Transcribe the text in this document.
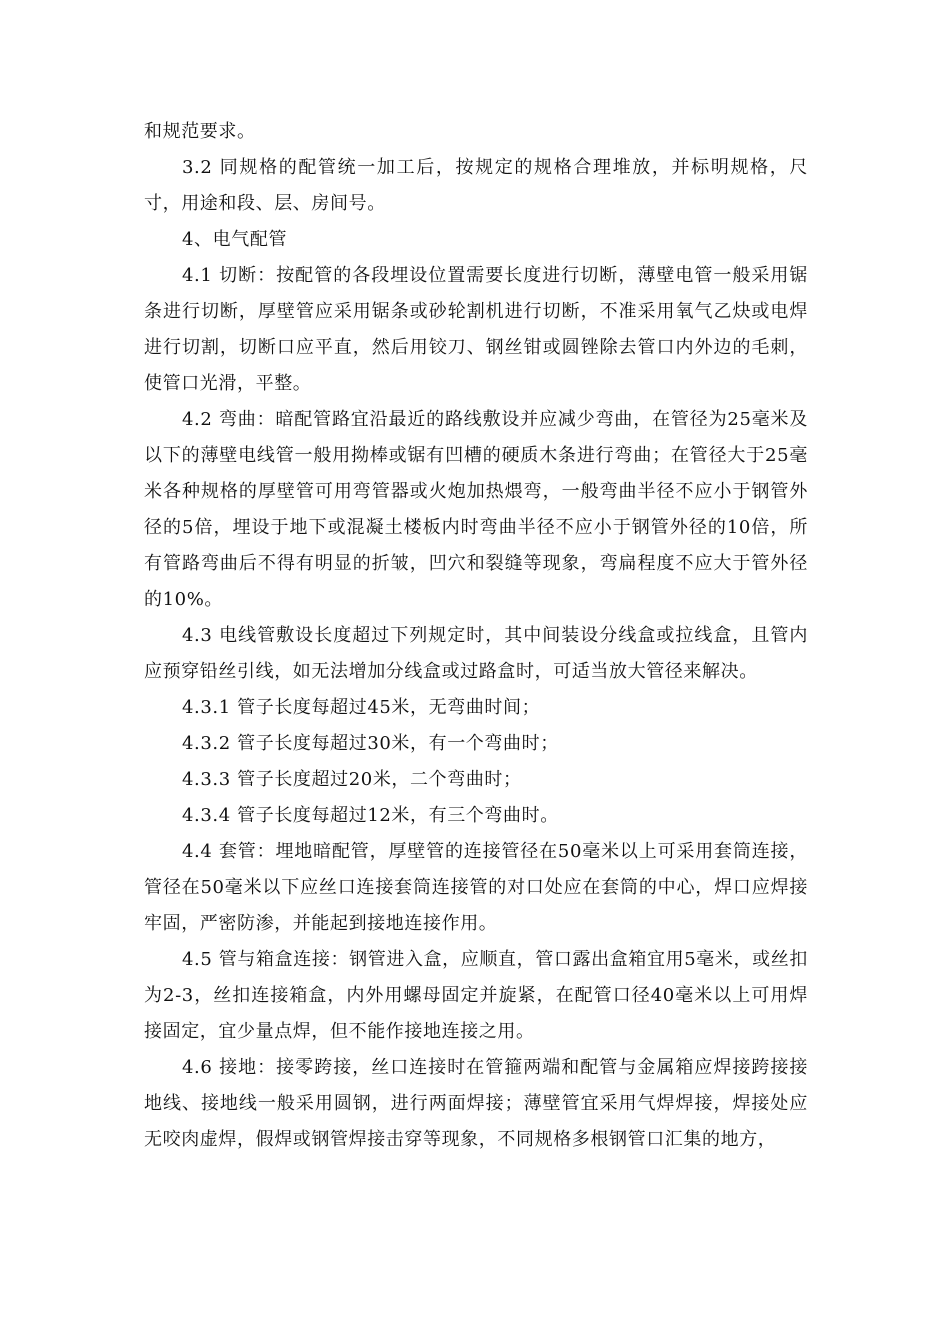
和规范要求。

3.2 同规格的配管统一加工后，按规定的规格合理堆放，并标明规格，尺寸，用途和段、层、房间号。

4、电气配管

4.1 切断：按配管的各段埋设位置需要长度进行切断，薄壁电管一般采用锯条进行切断，厚壁管应采用锯条或砂轮割机进行切断，不准采用氧气乙炔或电焊进行切割，切断口应平直，然后用铰刀、钢丝钳或圆锉除去管口内外边的毛刺，使管口光滑，平整。

4.2 弯曲：暗配管路宜沿最近的路线敷设并应减少弯曲，在管径为25毫米及以下的薄壁电线管一般用拗棒或锯有凹槽的硬质木条进行弯曲；在管径大于25毫米各种规格的厚壁管可用弯管器或火炮加热煨弯，一般弯曲半径不应小于钢管外径的5倍，埋设于地下或混凝土楼板内时弯曲半径不应小于钢管外径的10倍，所有管路弯曲后不得有明显的折皱，凹穴和裂缝等现象，弯扁程度不应大于管外径的10%。

4.3 电线管敷设长度超过下列规定时，其中间装设分线盒或拉线盒，且管内应预穿铅丝引线，如无法增加分线盒或过路盒时，可适当放大管径来解决。

4.3.1 管子长度每超过45米，无弯曲时间；

4.3.2 管子长度每超过30米，有一个弯曲时；

4.3.3 管子长度超过20米，二个弯曲时；

4.3.4 管子长度每超过12米，有三个弯曲时。

4.4 套管：埋地暗配管，厚壁管的连接管径在50毫米以上可采用套筒连接，管径在50毫米以下应丝口连接套筒连接管的对口处应在套筒的中心，焊口应焊接牢固，严密防渗，并能起到接地连接作用。

4.5 管与箱盒连接：钢管进入盒，应顺直，管口露出盒箱宜用5毫米，或丝扣为2-3，丝扣连接箱盒，内外用螺母固定并旋紧，在配管口径40毫米以上可用焊接固定，宜少量点焊，但不能作接地连接之用。

4.6 接地：接零跨接，丝口连接时在管箍两端和配管与金属箱应焊接跨接接地线、接地线一般采用圆钢，进行两面焊接；薄壁管宜采用气焊焊接，焊接处应无咬肉虚焊，假焊或钢管焊接击穿等现象，不同规格多根钢管口汇集的地方，
